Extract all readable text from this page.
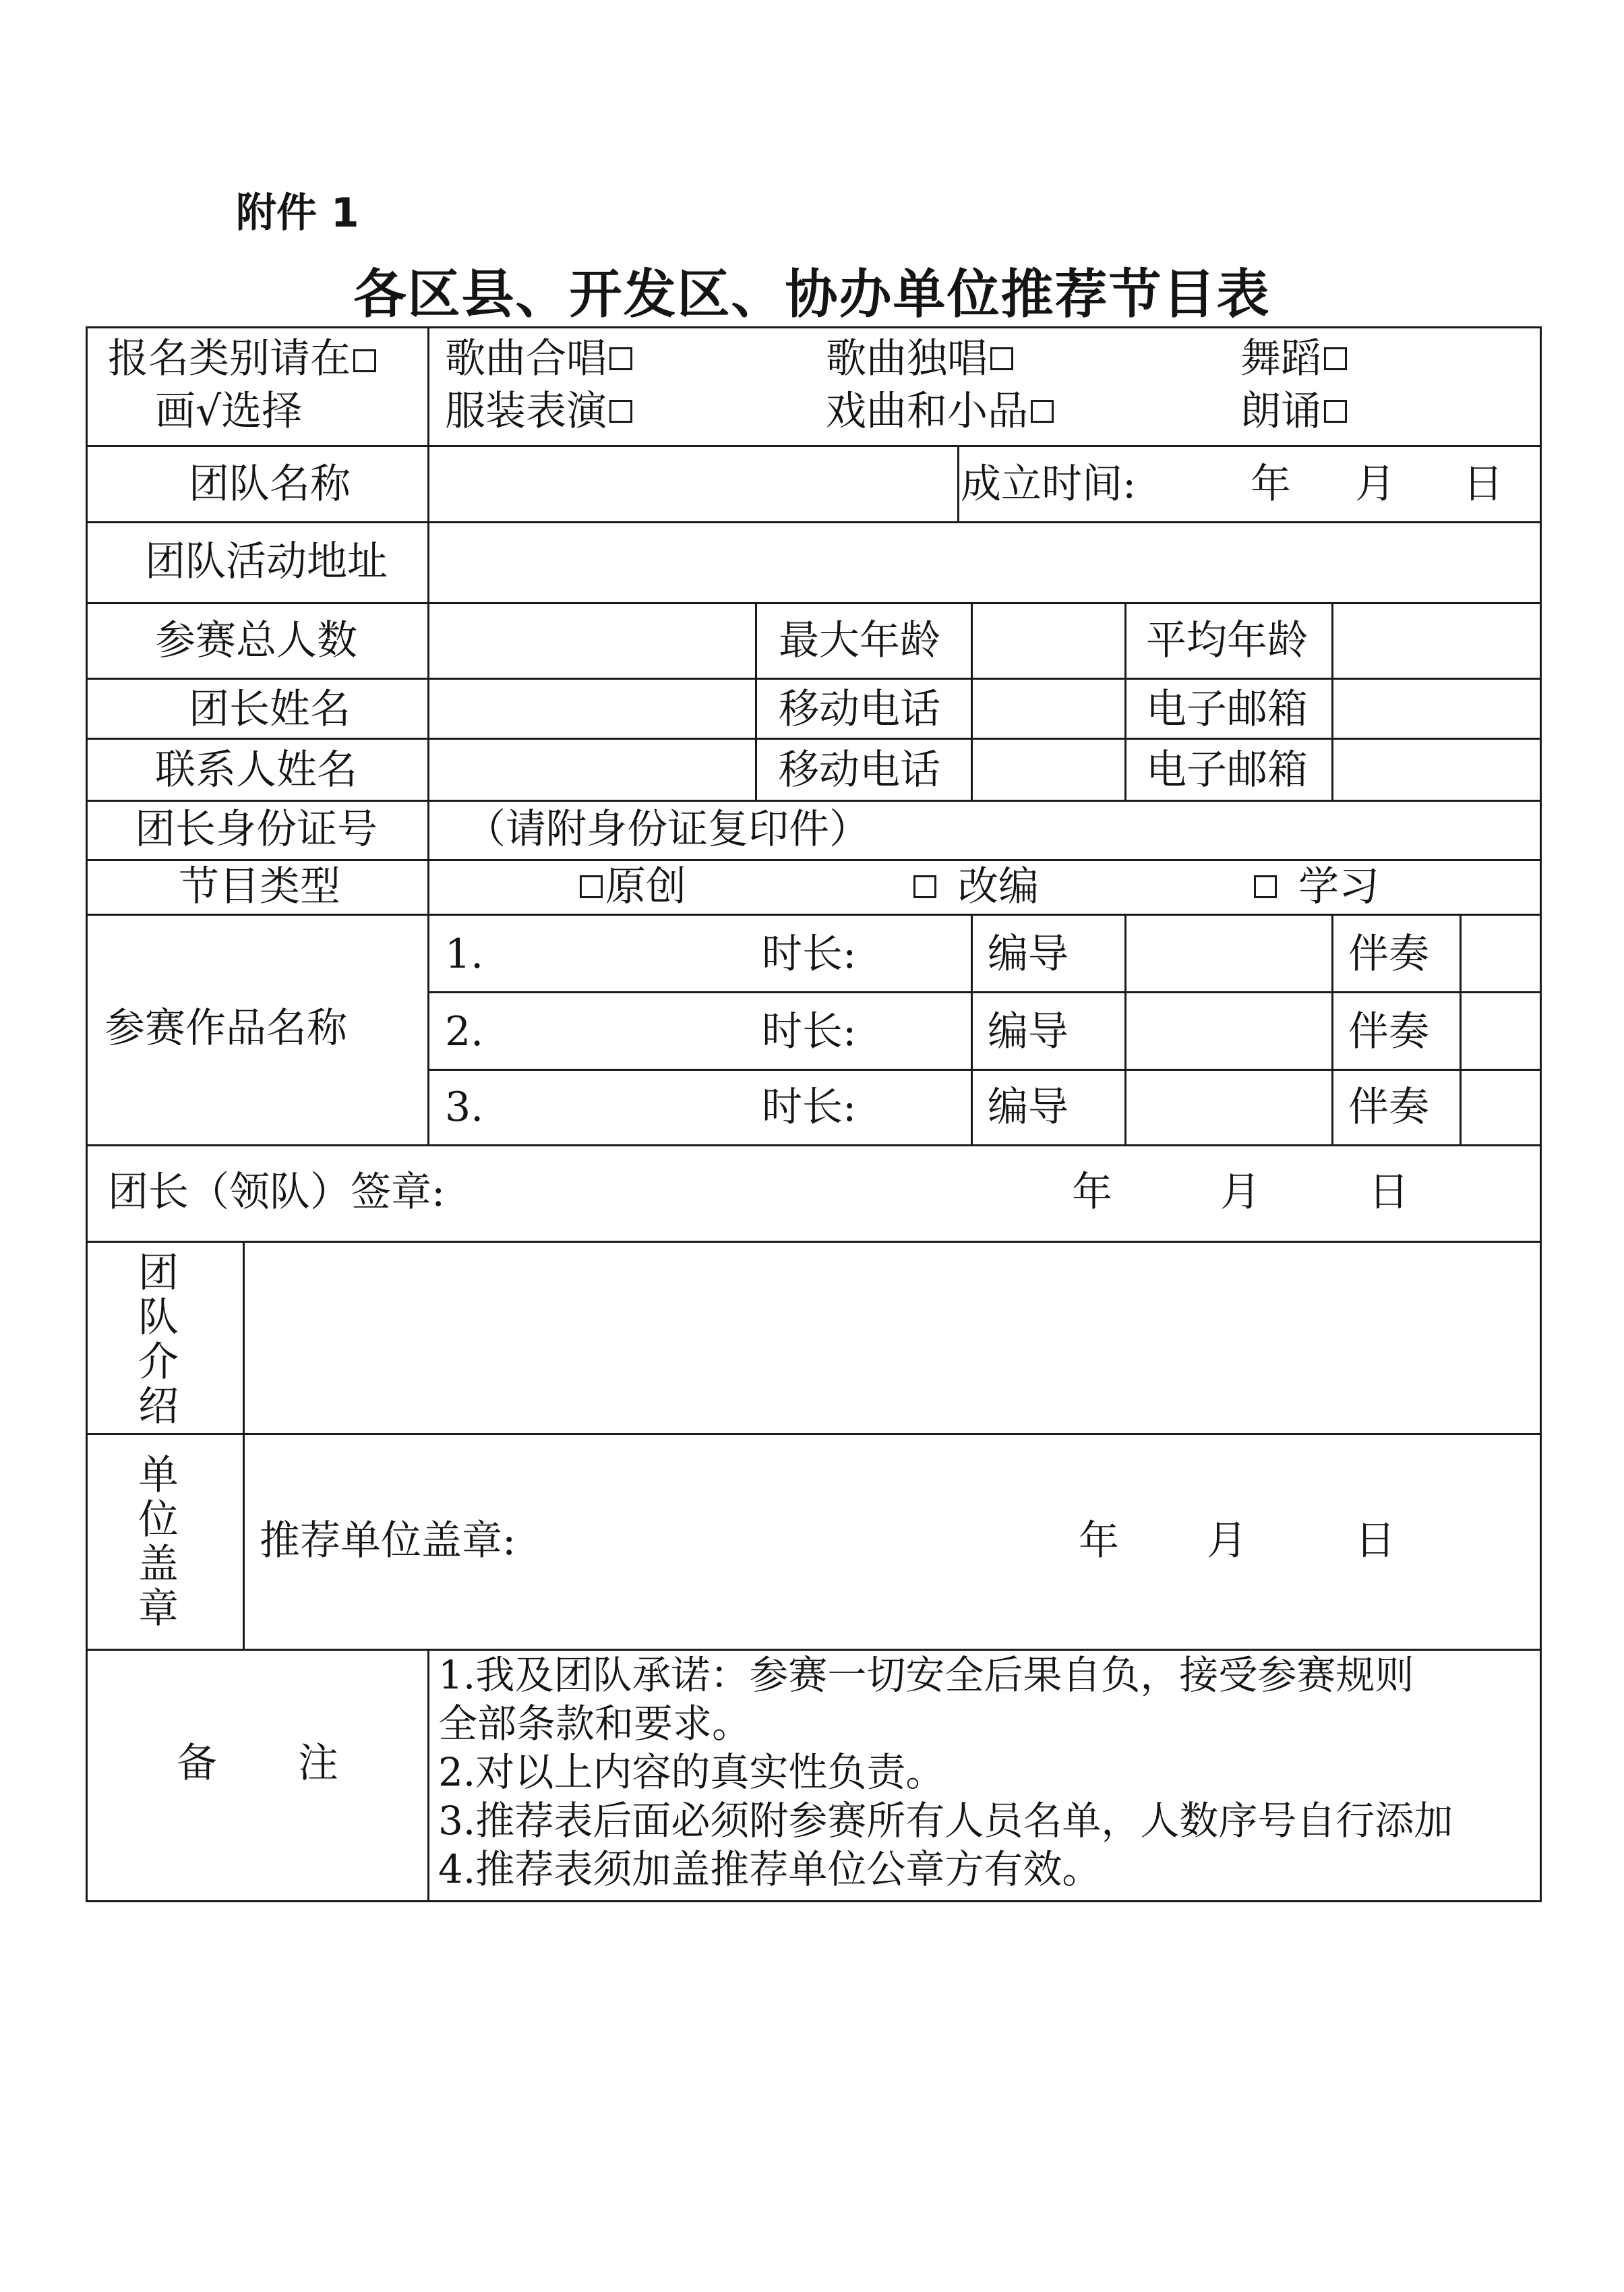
附件 1
各区县、开发区、协办单位推荐节目表
报名类别请在
画√选择
歌曲合唱	歌曲独唱	舞蹈
服装表演	戏曲和小品	朗诵
团队名称	成立时间:	年 月 日
团队活动地址
参赛总人数	最大年龄	平均年龄
团长姓名	移动电话	电子邮箱
联系人姓名	移动电话	电子邮箱
团长身份证号 （请附身份证复印件）
节目类型	原创	改编	学习
参赛作品名称
1.	时长:	编导	伴奏
2.	时长:	编导	伴奏
3.	时长:	编导	伴奏
团长（领队）签章:	年	月	日
团队介绍
单位盖章
推荐单位盖章:	年 月	日
备　　注
1.我及团队承诺：参赛一切安全后果自负，接受参赛规则
全部条款和要求。
2.对以上内容的真实性负责。
3.推荐表后面必须附参赛所有人员名单，人数序号自行添加
4.推荐表须加盖推荐单位公章方有效。
